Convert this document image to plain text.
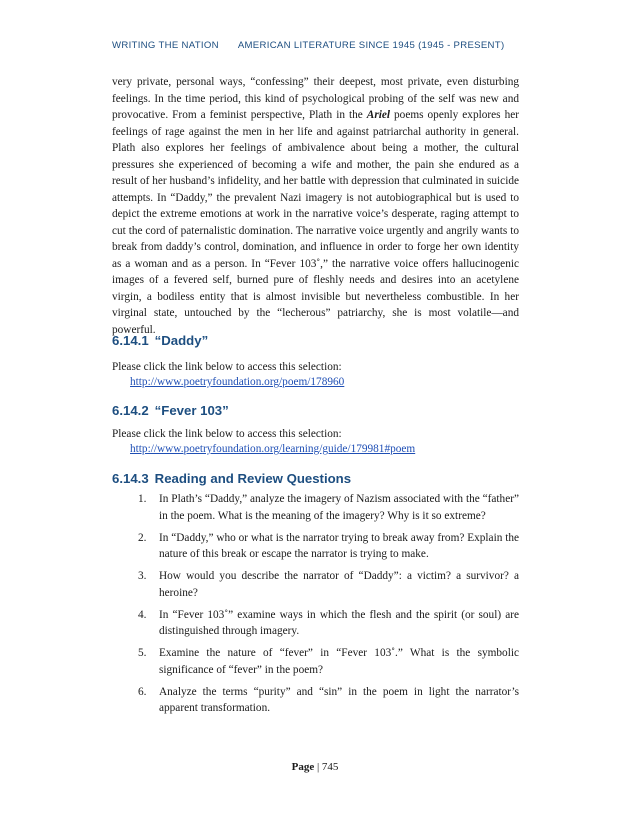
WRITING THE NATION AMERICAN LITERATURE SINCE 1945 (1945 - PRESENT)

very private, personal ways, “confessing” their deepest, most private, even disturbing feelings. In the time period, this kind of psychological probing of the self was new and provocative. From a feminist perspective, Plath in the Ariel poems openly explores her feelings of rage against the men in her life and against patriarchal authority in general. Plath also explores her feelings of ambivalence about being a mother, the cultural pressures she experienced of becoming a wife and mother, the pain she endured as a result of her husband’s infidelity, and her battle with depression that culminated in suicide attempts. In “Daddy,” the prevalent Nazi imagery is not autobiographical but is used to depict the extreme emotions at work in the narrative voice’s desperate, raging attempt to cut the cord of paternalistic domination. The narrative voice urgently and angrily wants to break from daddy’s control, domination, and influence in order to forge her own identity as a woman and as a person. In “Fever 103˚,” the narrative voice offers hallucinogenic images of a fevered self, burned pure of fleshly needs and desires into an acetylene virgin, a bodiless entity that is almost invisible but nevertheless combustible. In her virginal state, untouched by the “lecherous” patriarchy, she is most volatile—and powerful.

6.14.1 “Daddy”
Please click the link below to access this selection:
http://www.poetryfoundation.org/poem/178960
6.14.2 “Fever 103”
Please click the link below to access this selection:
http://www.poetryfoundation.org/learning/guide/179981#poem
6.14.3 Reading and Review Questions
1. In Plath’s “Daddy,” analyze the imagery of Nazism associated with the “father” in the poem. What is the meaning of the imagery? Why is it so extreme?
2. In “Daddy,” who or what is the narrator trying to break away from? Explain the nature of this break or escape the narrator is trying to make.
3. How would you describe the narrator of “Daddy”: a victim? a survivor? a heroine?
4. In “Fever 103˚” examine ways in which the flesh and the spirit (or soul) are distinguished through imagery.
5. Examine the nature of “fever” in “Fever 103˚.” What is the symbolic significance of “fever” in the poem?
6. Analyze the terms “purity” and “sin” in the poem in light the narrator’s apparent transformation.
Page | 745
